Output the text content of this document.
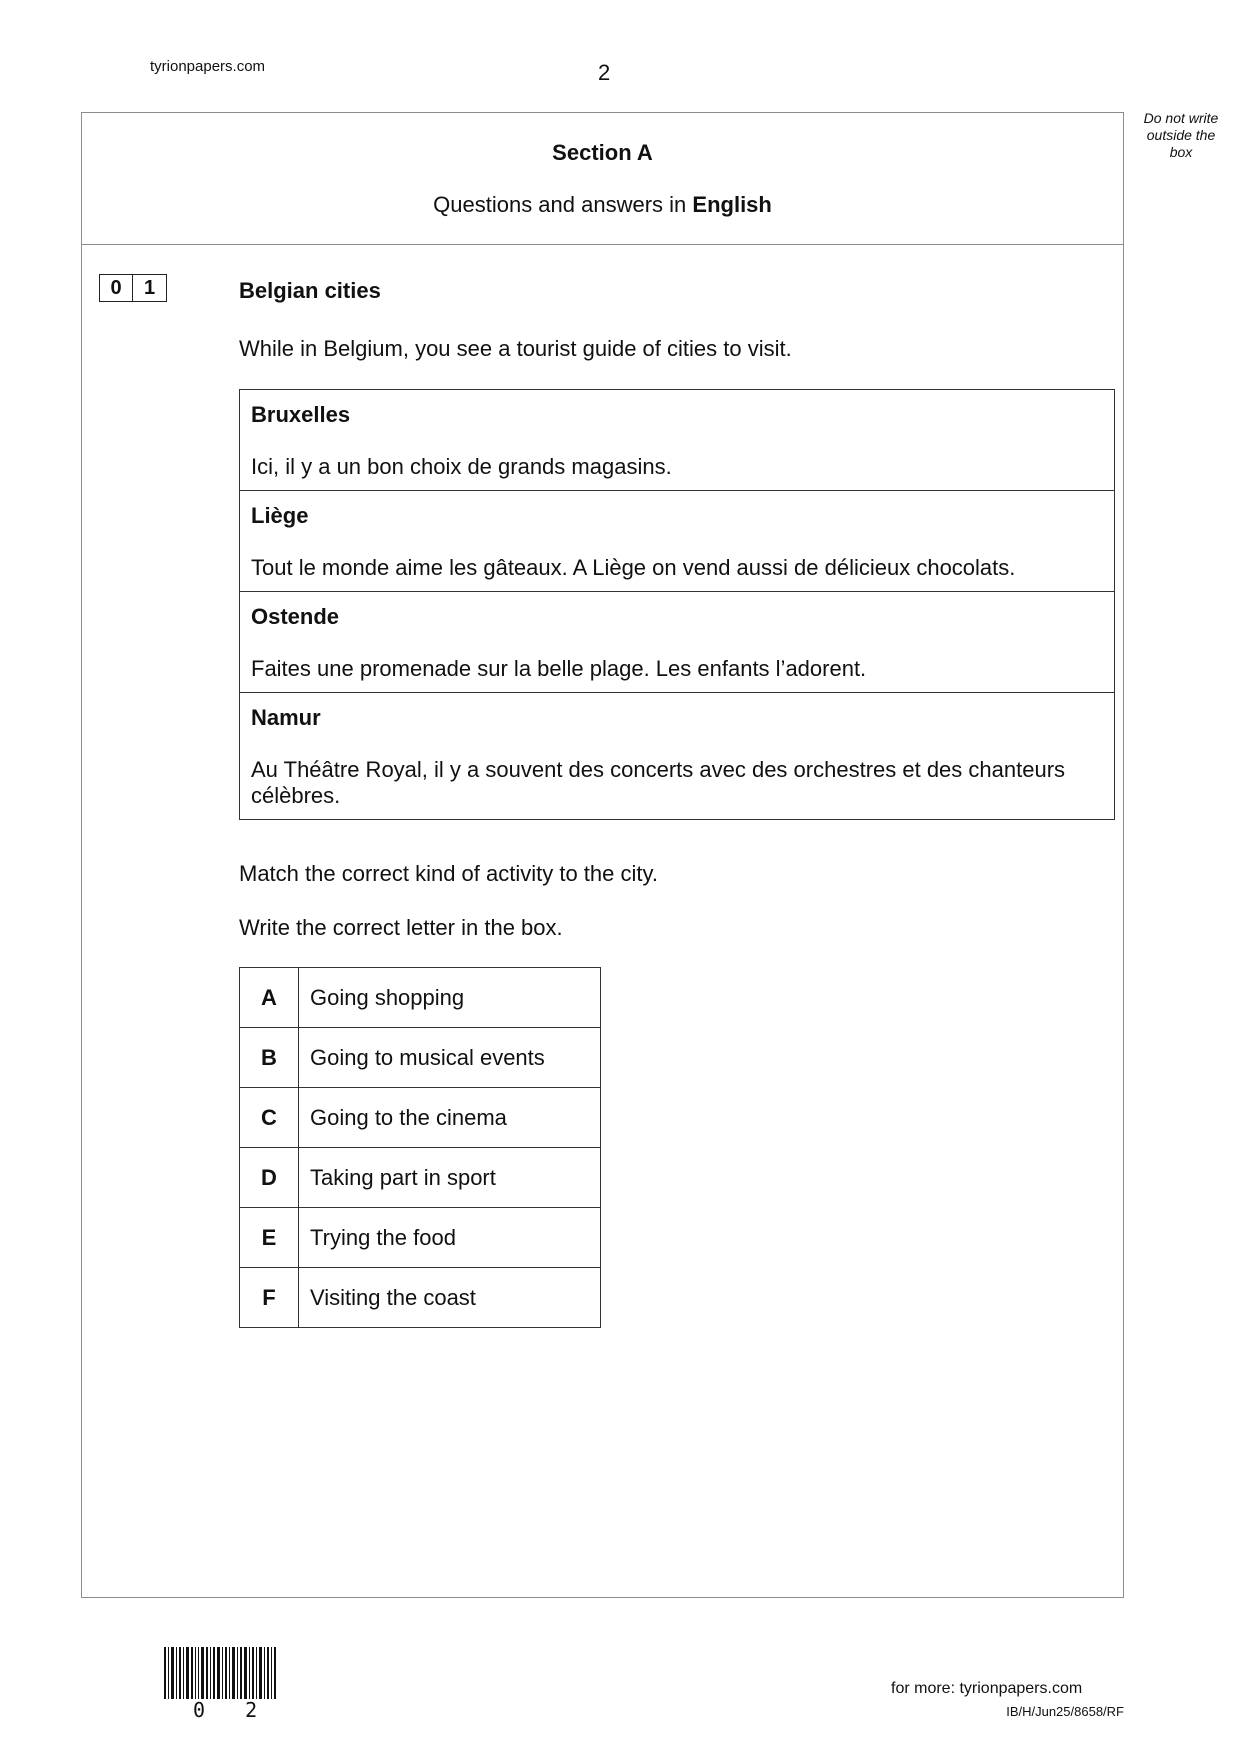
tyrionpapers.com	2
Do not write outside the box
Section A
Questions and answers in English
0	1	Belgian cities
While in Belgium, you see a tourist guide of cities to visit.
Bruxelles
Ici, il y a un bon choix de grands magasins.
Liège
Tout le monde aime les gâteaux. A Liège on vend aussi de délicieux chocolats.
Ostende
Faites une promenade sur la belle plage. Les enfants l’adorent.
Namur
Au Théâtre Royal, il y a souvent des concerts avec des orchestres et des chanteurs célèbres.
Match the correct kind of activity to the city.
Write the correct letter in the box.
A	Going shopping
B	Going to musical events
C	Going to the cinema
D	Taking part in sport
E	Trying the food
F	Visiting the coast
0 2
for more: tyrionpapers.com
IB/H/Jun25/8658/RF
